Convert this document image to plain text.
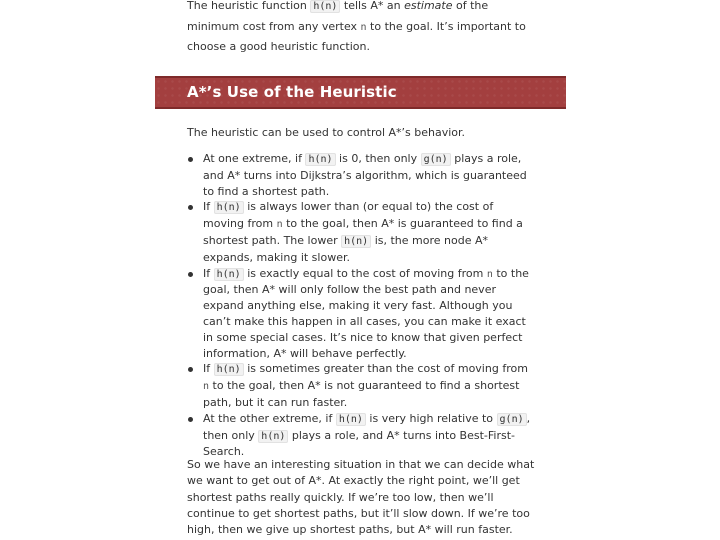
The heuristic function h(n) tells A* an estimate of the minimum cost from any vertex n to the goal. It’s important to choose a good heuristic function.

A*’s Use of the Heuristic

The heuristic can be used to control A*’s behavior.

At one extreme, if h(n) is 0, then only g(n) plays a role, and A* turns into Dijkstra’s algorithm, which is guaranteed to find a shortest path.
If h(n) is always lower than (or equal to) the cost of moving from n to the goal, then A* is guaranteed to find a shortest path. The lower h(n) is, the more node A* expands, making it slower.
If h(n) is exactly equal to the cost of moving from n to the goal, then A* will only follow the best path and never expand anything else, making it very fast. Although you can’t make this happen in all cases, you can make it exact in some special cases. It’s nice to know that given perfect information, A* will behave perfectly.
If h(n) is sometimes greater than the cost of moving from n to the goal, then A* is not guaranteed to find a shortest path, but it can run faster.
At the other extreme, if h(n) is very high relative to g(n) , then only h(n) plays a role, and A* turns into Best-First-Search.

So we have an interesting situation in that we can decide what we want to get out of A*. At exactly the right point, we’ll get shortest paths really quickly. If we’re too low, then we’ll continue to get shortest paths, but it’ll slow down. If we’re too high, then we give up shortest paths, but A* will run faster.
